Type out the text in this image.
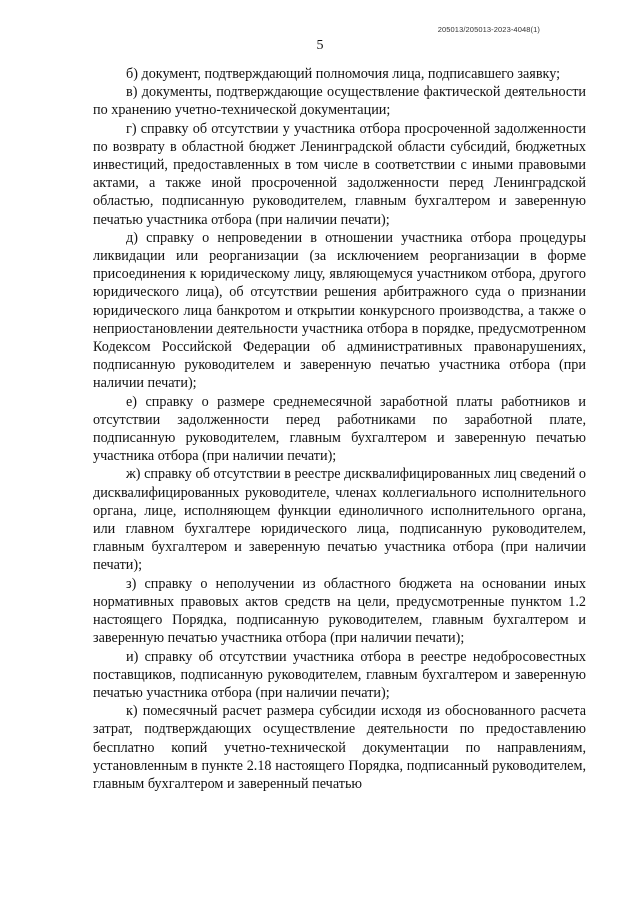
205013/205013-2023-4048(1)
5

б) документ, подтверждающий полномочия лица, подписавшего заявку;

в) документы, подтверждающие осуществление фактической деятельности по хранению учетно-технической документации;

г) справку об отсутствии у участника отбора просроченной задолженности по возврату в областной бюджет Ленинградской области субсидий, бюджетных инвестиций, предоставленных в том числе в соответствии с иными правовыми актами, а также иной просроченной задолженности перед Ленинградской областью, подписанную руководителем, главным бухгалтером и заверенную печатью участника отбора (при наличии печати);

д) справку о непроведении в отношении участника отбора процедуры ликвидации или реорганизации (за исключением реорганизации в форме присоединения к юридическому лицу, являющемуся участником отбора, другого юридического лица), об отсутствии решения арбитражного суда о признании юридического лица банкротом и открытии конкурсного производства, а также о неприостановлении деятельности участника отбора в порядке, предусмотренном Кодексом Российской Федерации об административных правонарушениях, подписанную руководителем и заверенную печатью участника отбора (при наличии печати);

е) справку о размере среднемесячной заработной платы работников и отсутствии задолженности перед работниками по заработной плате, подписанную руководителем, главным бухгалтером и заверенную печатью участника отбора (при наличии печати);

ж) справку об отсутствии в реестре дисквалифицированных лиц сведений о дисквалифицированных руководителе, членах коллегиального исполнительного органа, лице, исполняющем функции единоличного исполнительного органа, или главном бухгалтере юридического лица, подписанную руководителем, главным бухгалтером и заверенную печатью участника отбора (при наличии печати);

з) справку о неполучении из областного бюджета на основании иных нормативных правовых актов средств на цели, предусмотренные пунктом 1.2 настоящего Порядка, подписанную руководителем, главным бухгалтером и заверенную печатью участника отбора (при наличии печати);

и) справку об отсутствии участника отбора в реестре недобросовестных поставщиков, подписанную руководителем, главным бухгалтером и заверенную печатью участника отбора (при наличии печати);

к) помесячный расчет размера субсидии исходя из обоснованного расчета затрат, подтверждающих осуществление деятельности по предоставлению бесплатно копий учетно-технической документации по направлениям, установленным в пункте 2.18 настоящего Порядка, подписанный руководителем, главным бухгалтером и заверенный печатью
